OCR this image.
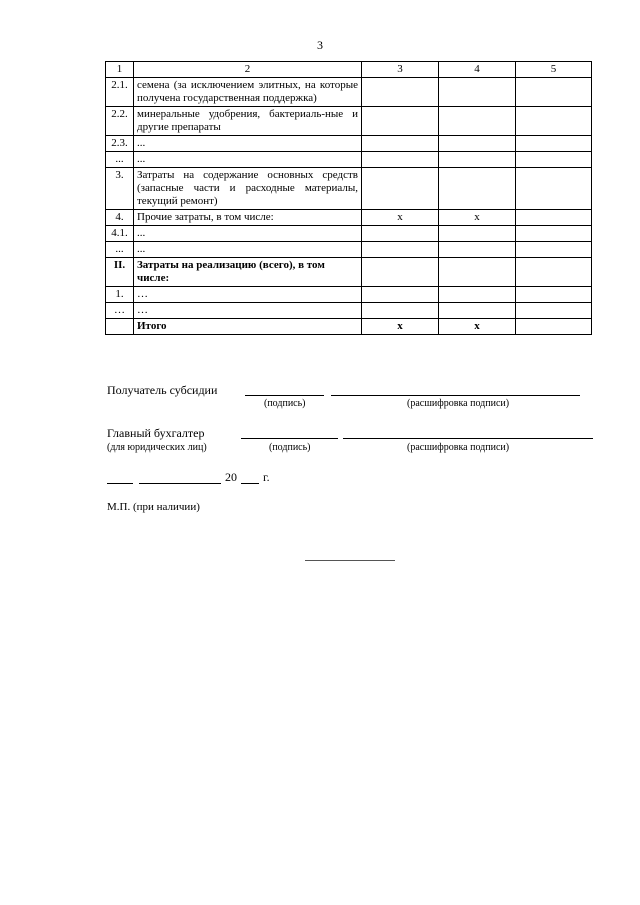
3
1	2	3	4	5
2.1.	семена (за исключением элитных, на которые получена государственная поддержка)			
2.2.	минеральные удобрения, бактериаль-ные и другие препараты			
2.3.	...			
...	...			
3.	Затраты на содержание основных средств (запасные части и расходные материалы, текущий ремонт)			
4.	Прочие затраты, в том числе:	x	x	
4.1.	...			
...	...			
II.	Затраты на реализацию (всего), в том числе:			
1.	…			
…	…			
	Итого	x	x	
Получатель субсидии
(подпись)	(расшифровка подписи)
Главный бухгалтер
(для юридических лиц)	(подпись)	(расшифровка подписи)
20 г.
М.П. (при наличии)
